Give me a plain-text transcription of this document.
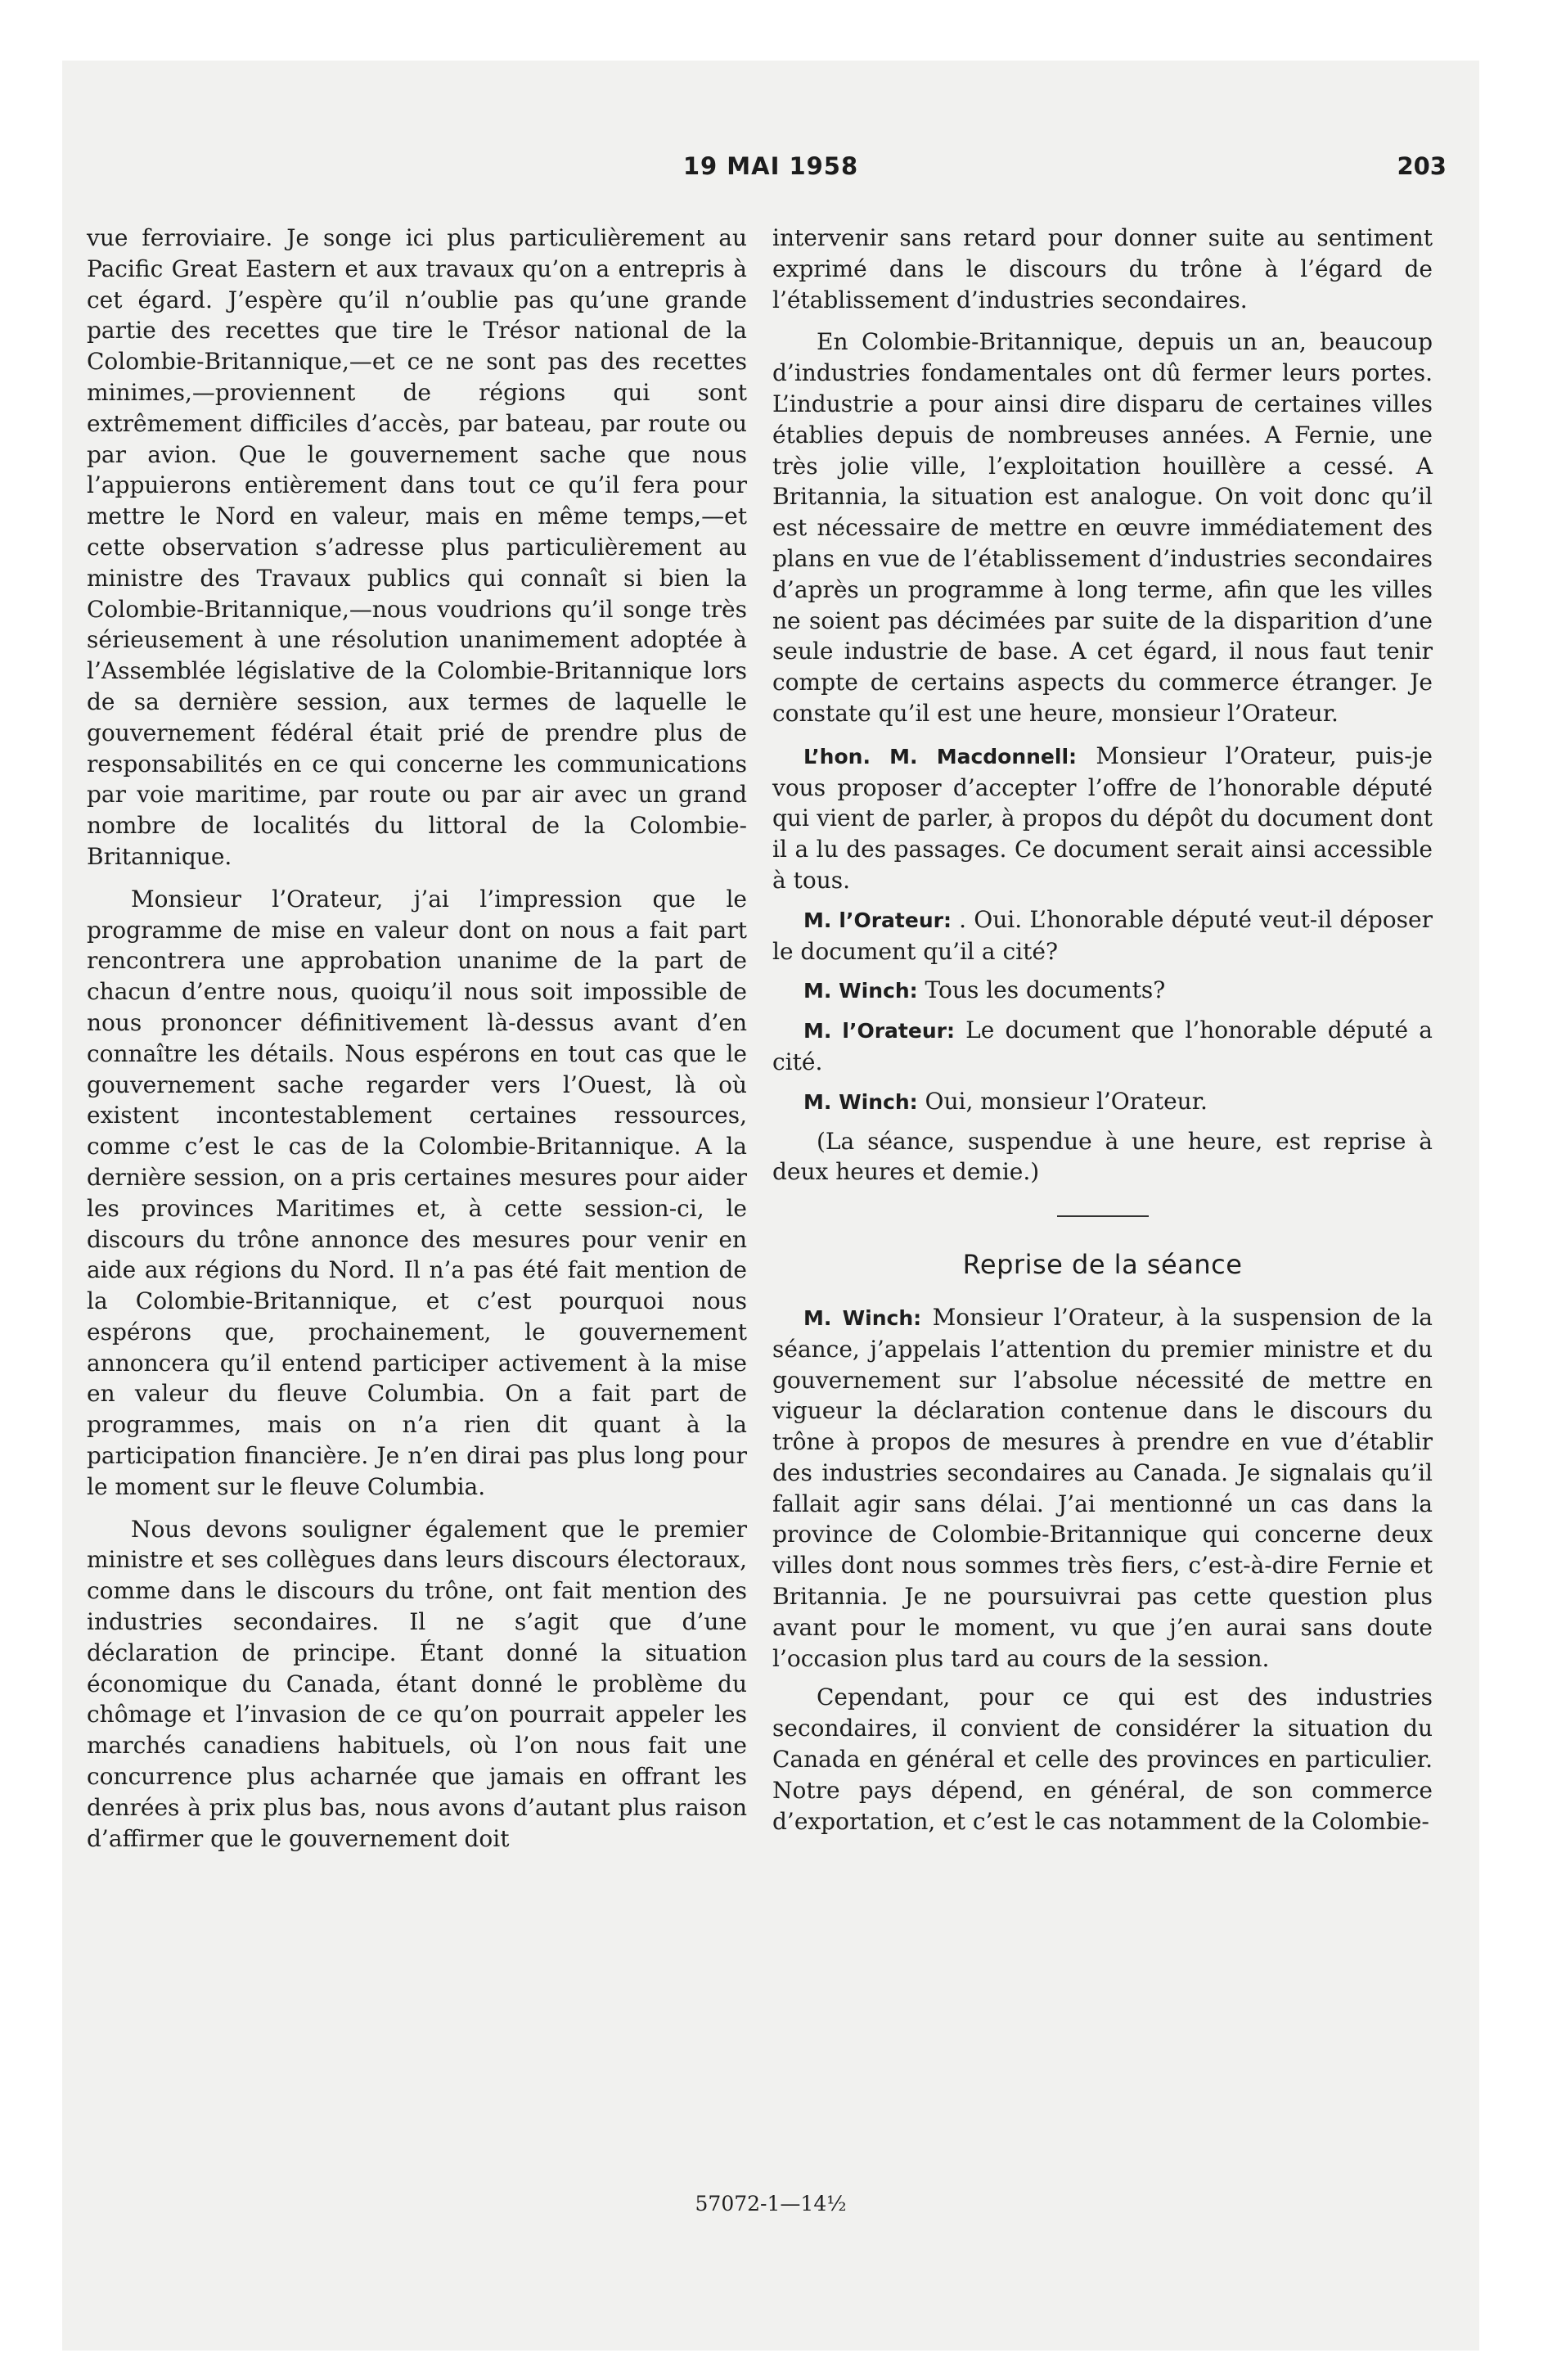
19 MAI 1958	203

vue ferroviaire. Je songe ici plus particulièrement au Pacific Great Eastern et aux travaux qu’on a entrepris à cet égard. J’espère qu’il n’oublie pas qu’une grande partie des recettes que tire le Trésor national de la Colombie-Britannique,—et ce ne sont pas des recettes minimes,—proviennent de régions qui sont extrêmement difficiles d’accès, par bateau, par route ou par avion. Que le gouvernement sache que nous l’appuierons entièrement dans tout ce qu’il fera pour mettre le Nord en valeur, mais en même temps,—et cette observation s’adresse plus particulièrement au ministre des Travaux publics qui connaît si bien la Colombie-Britannique,—nous voudrions qu’il songe très sérieusement à une résolution unanimement adoptée à l’Assemblée législative de la Colombie-Britannique lors de sa dernière session, aux termes de laquelle le gouvernement fédéral était prié de prendre plus de responsabilités en ce qui concerne les communications par voie maritime, par route ou par air avec un grand nombre de localités du littoral de la Colombie-Britannique.

Monsieur l’Orateur, j’ai l’impression que le programme de mise en valeur dont on nous a fait part rencontrera une approbation unanime de la part de chacun d’entre nous, quoiqu’il nous soit impossible de nous prononcer définitivement là-dessus avant d’en connaître les détails. Nous espérons en tout cas que le gouvernement sache regarder vers l’Ouest, là où existent incontestablement certaines ressources, comme c’est le cas de la Colombie-Britannique. A la dernière session, on a pris certaines mesures pour aider les provinces Maritimes et, à cette session-ci, le discours du trône annonce des mesures pour venir en aide aux régions du Nord. Il n’a pas été fait mention de la Colombie-Britannique, et c’est pourquoi nous espérons que, prochainement, le gouvernement annoncera qu’il entend participer activement à la mise en valeur du fleuve Columbia. On a fait part de programmes, mais on n’a rien dit quant à la participation financière. Je n’en dirai pas plus long pour le moment sur le fleuve Columbia.

Nous devons souligner également que le premier ministre et ses collègues dans leurs discours électoraux, comme dans le discours du trône, ont fait mention des industries secondaires. Il ne s’agit que d’une déclaration de principe. Étant donné la situation économique du Canada, étant donné le problème du chômage et l’invasion de ce qu’on pourrait appeler les marchés canadiens habituels, où l’on nous fait une concurrence plus acharnée que jamais en offrant les denrées à prix plus bas, nous avons d’autant plus raison d’affirmer que le gouvernement doit

intervenir sans retard pour donner suite au sentiment exprimé dans le discours du trône à l’égard de l’établissement d’industries secondaires.

En Colombie-Britannique, depuis un an, beaucoup d’industries fondamentales ont dû fermer leurs portes. L’industrie a pour ainsi dire disparu de certaines villes établies depuis de nombreuses années. A Fernie, une très jolie ville, l’exploitation houillère a cessé. A Britannia, la situation est analogue. On voit donc qu’il est nécessaire de mettre en œuvre immédiatement des plans en vue de l’établissement d’industries secondaires d’après un programme à long terme, afin que les villes ne soient pas décimées par suite de la disparition d’une seule industrie de base. A cet égard, il nous faut tenir compte de certains aspects du commerce étranger. Je constate qu’il est une heure, monsieur l’Orateur.

L’hon. M. Macdonnell: Monsieur l’Orateur, puis-je vous proposer d’accepter l’offre de l’honorable député qui vient de parler, à propos du dépôt du document dont il a lu des passages. Ce document serait ainsi accessible à tous.

M. l’Orateur: . Oui. L’honorable député veut-il déposer le document qu’il a cité?

M. Winch: Tous les documents?

M. l’Orateur: Le document que l’honorable député a cité.

M. Winch: Oui, monsieur l’Orateur.

(La séance, suspendue à une heure, est reprise à deux heures et demie.)

Reprise de la séance

M. Winch: Monsieur l’Orateur, à la suspension de la séance, j’appelais l’attention du premier ministre et du gouvernement sur l’absolue nécessité de mettre en vigueur la déclaration contenue dans le discours du trône à propos de mesures à prendre en vue d’établir des industries secondaires au Canada. Je signalais qu’il fallait agir sans délai. J’ai mentionné un cas dans la province de Colombie-Britannique qui concerne deux villes dont nous sommes très fiers, c’est-à-dire Fernie et Britannia. Je ne poursuivrai pas cette question plus avant pour le moment, vu que j’en aurai sans doute l’occasion plus tard au cours de la session.

Cependant, pour ce qui est des industries secondaires, il convient de considérer la situation du Canada en général et celle des provinces en particulier. Notre pays dépend, en général, de son commerce d’exportation, et c’est le cas notamment de la Colombie-

57072-1—14½
